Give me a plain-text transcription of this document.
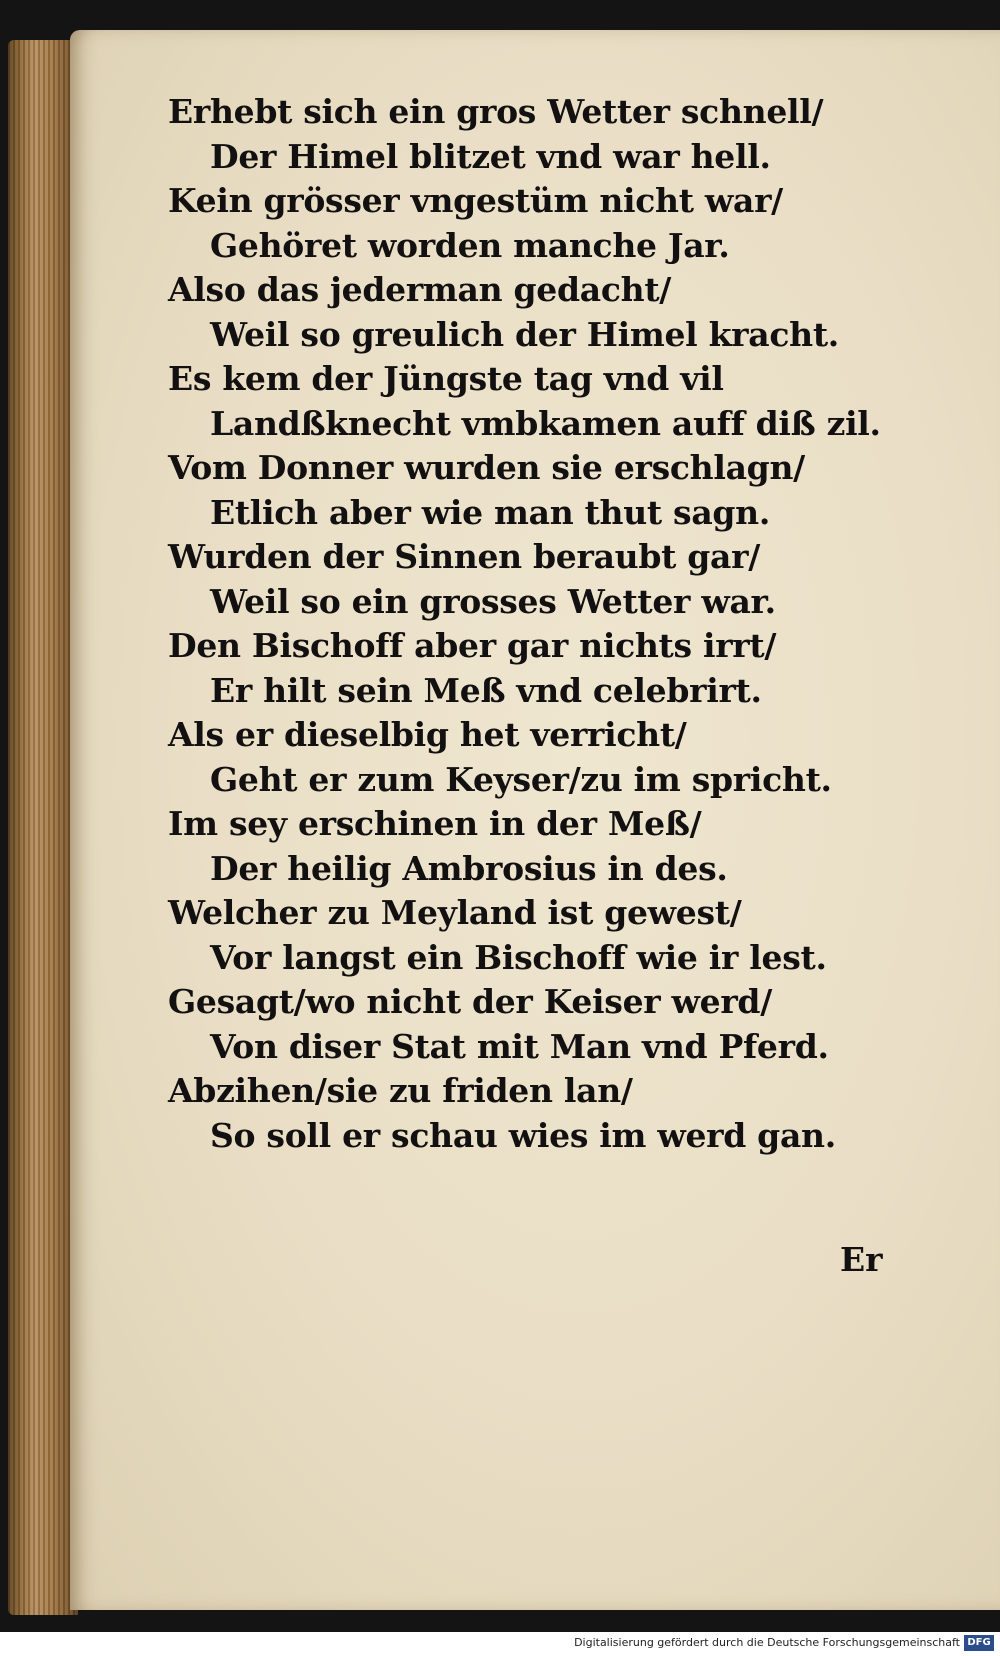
Erhebt sich ein gros Wetter schnell/
Der Himel blitzet vnd war hell.
Kein grösser vngestüm nicht war/
Gehöret worden manche Jar.
Also das jederman gedacht/
Weil so greulich der Himel kracht.
Es kem der Jüngste tag vnd vil
Landßknecht vmbkamen auff diß zil.
Vom Donner wurden sie erschlagn/
Etlich aber wie man thut sagn.
Wurden der Sinnen beraubt gar/
Weil so ein grosses Wetter war.
Den Bischoff aber gar nichts irrt/
Er hilt sein Meß vnd celebrirt.
Als er dieselbig het verricht/
Geht er zum Keyser/zu im spricht.
Im sey erschinen in der Meß/
Der heilig Ambrosius in des.
Welcher zu Meyland ist gewest/
Vor langst ein Bischoff wie ir lest.
Gesagt/wo nicht der Keiser werd/
Von diser Stat mit Man vnd Pferd.
Abzihen/sie zu friden lan/
So soll er schau wies im werd gan.
Er
Digitalisierung gefördert durch die Deutsche Forschungsgemeinschaft DFG
